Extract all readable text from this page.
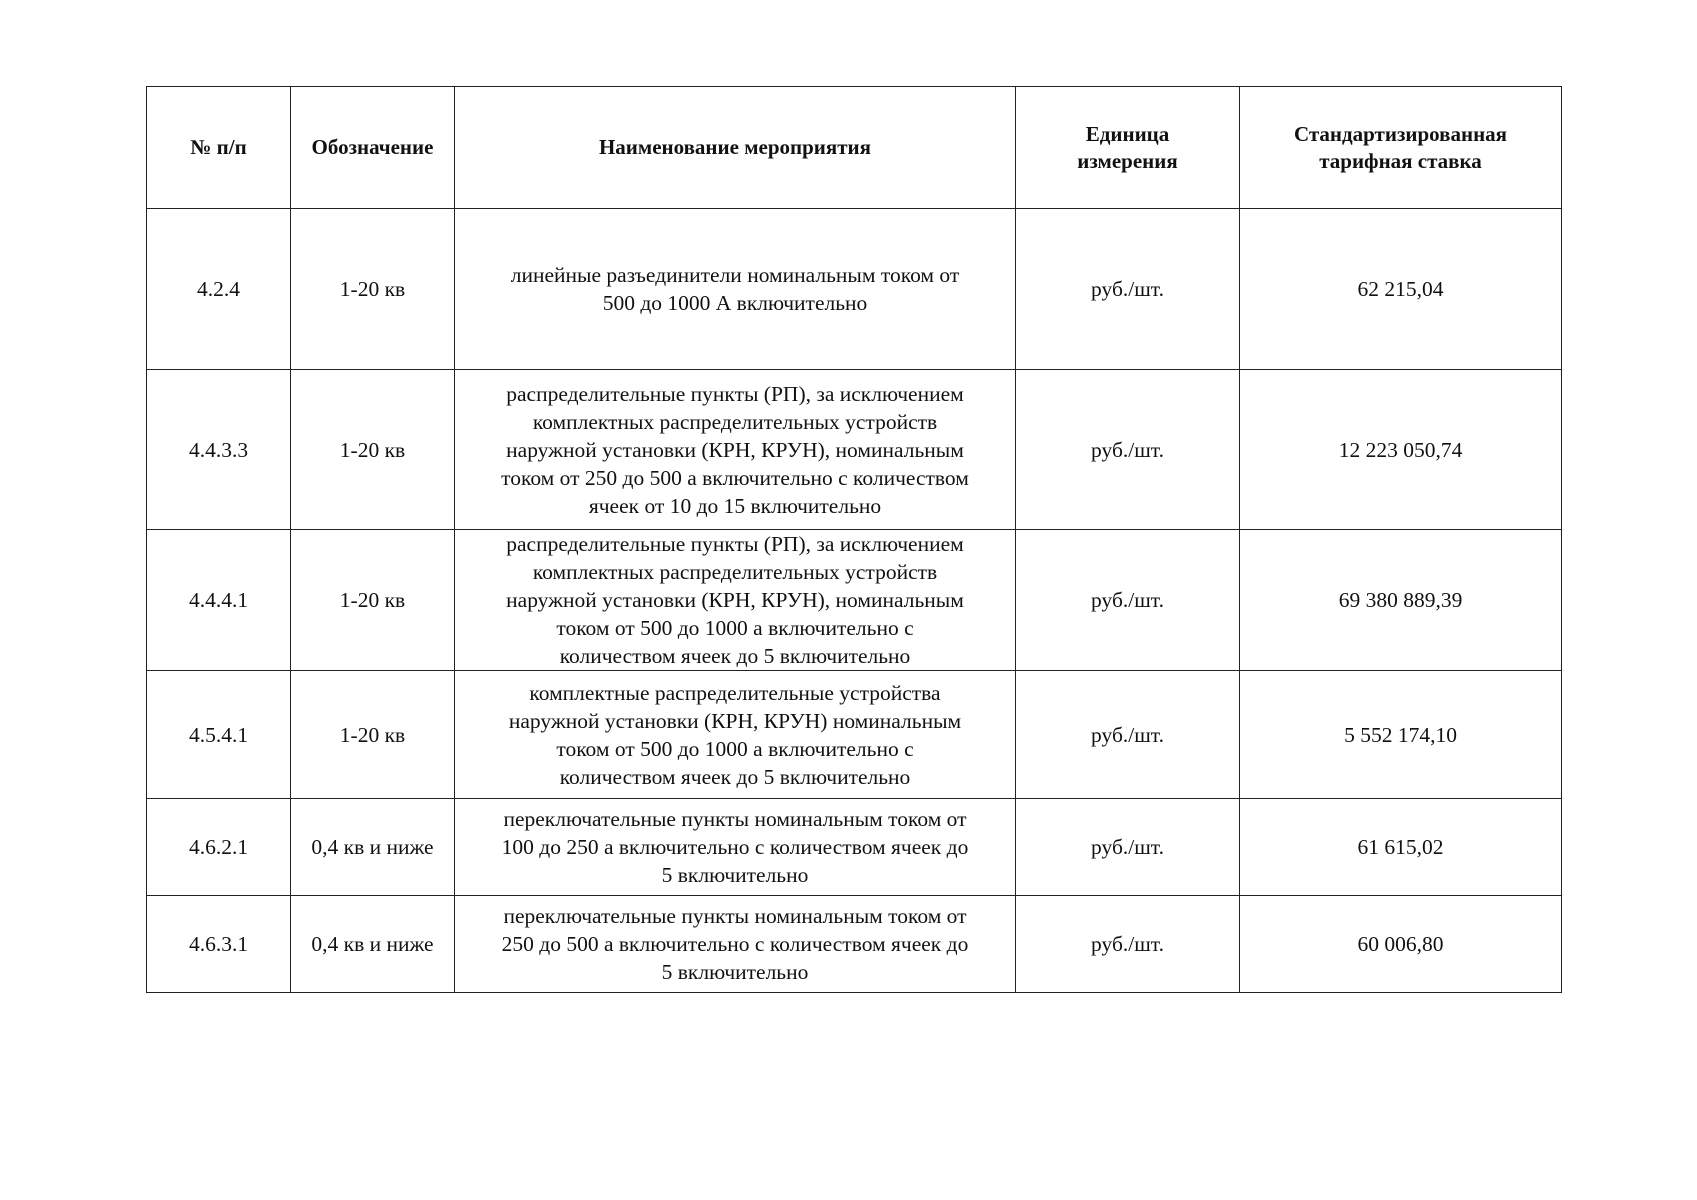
№ п/п	Обозначение	Наименование мероприятия	Единица
измерения	Стандартизированная
тарифная ставка

4.2.4	1-20 кв	линейные разъединители номинальным током от
500 до 1000 А включительно	руб./шт.	62 215,04
4.4.3.3	1-20 кв	распределительные пункты (РП), за исключением
комплектных распределительных устройств
наружной установки (КРН, КРУН), номинальным
током от 250 до 500 а включительно с количеством
ячеек от 10 до 15 включительно	руб./шт.	12 223 050,74
4.4.4.1	1-20 кв	распределительные пункты (РП), за исключением
комплектных распределительных устройств
наружной установки (КРН, КРУН), номинальным
током от 500 до 1000 а включительно с
количеством ячеек до 5 включительно	руб./шт.	69 380 889,39
4.5.4.1	1-20 кв	комплектные распределительные устройства
наружной установки (КРН, КРУН) номинальным
током от 500 до 1000 а включительно с
количеством ячеек до 5 включительно	руб./шт.	5 552 174,10
4.6.2.1	0,4 кв и ниже	переключательные пункты номинальным током от
100 до 250 а включительно с количеством ячеек до
5 включительно	руб./шт.	61 615,02
4.6.3.1	0,4 кв и ниже	переключательные пункты номинальным током от
250 до 500 а включительно с количеством ячеек до
5 включительно	руб./шт.	60 006,80
